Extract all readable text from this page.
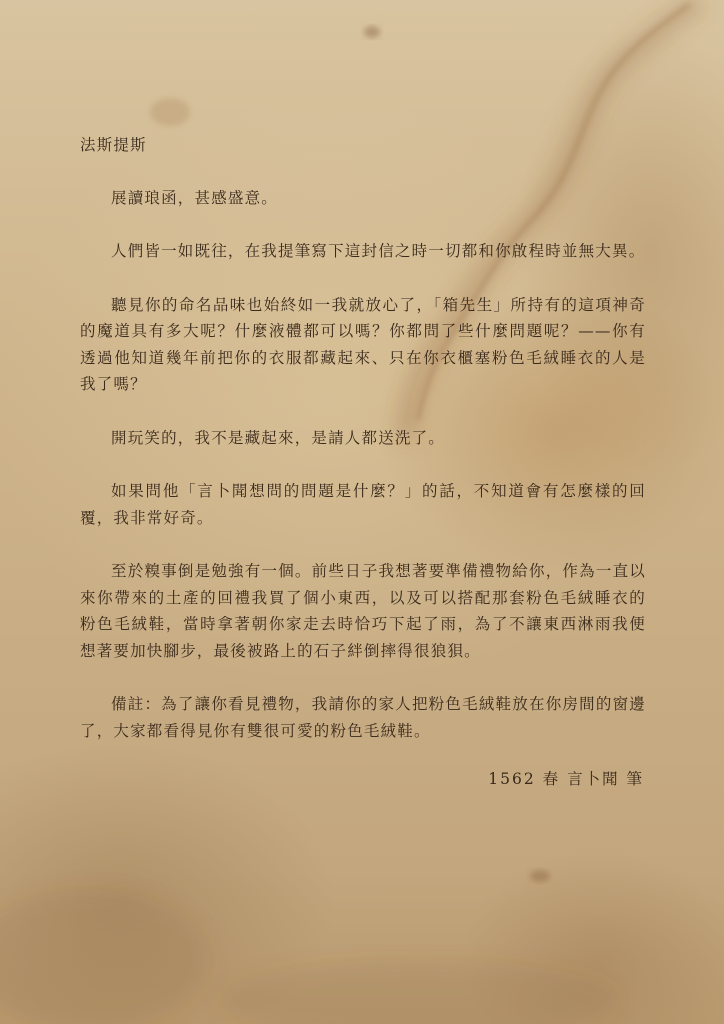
法斯提斯

展讀琅函，甚感盛意。

人們皆一如既往，在我提筆寫下這封信之時一切都和你啟程時並無大異。

聽見你的命名品味也始終如一我就放心了，「箱先生」所持有的這項神奇的魔道具有多大呢？什麼液體都可以嗎？你都問了些什麼問題呢？——你有透過他知道幾年前把你的衣服都藏起來、只在你衣櫃塞粉色毛絨睡衣的人是我了嗎？

開玩笑的，我不是藏起來，是請人都送洗了。

如果問他「言卜聞想問的問題是什麼？」的話，不知道會有怎麼樣的回覆，我非常好奇。

至於糗事倒是勉強有一個。前些日子我想著要準備禮物給你，作為一直以來你帶來的土產的回禮我買了個小東西，以及可以搭配那套粉色毛絨睡衣的粉色毛絨鞋，當時拿著朝你家走去時恰巧下起了雨，為了不讓東西淋雨我便想著要加快腳步，最後被路上的石子絆倒摔得很狼狽。

備註：為了讓你看見禮物，我請你的家人把粉色毛絨鞋放在你房間的窗邊了，大家都看得見你有雙很可愛的粉色毛絨鞋。

1562 春 言卜聞 筆
